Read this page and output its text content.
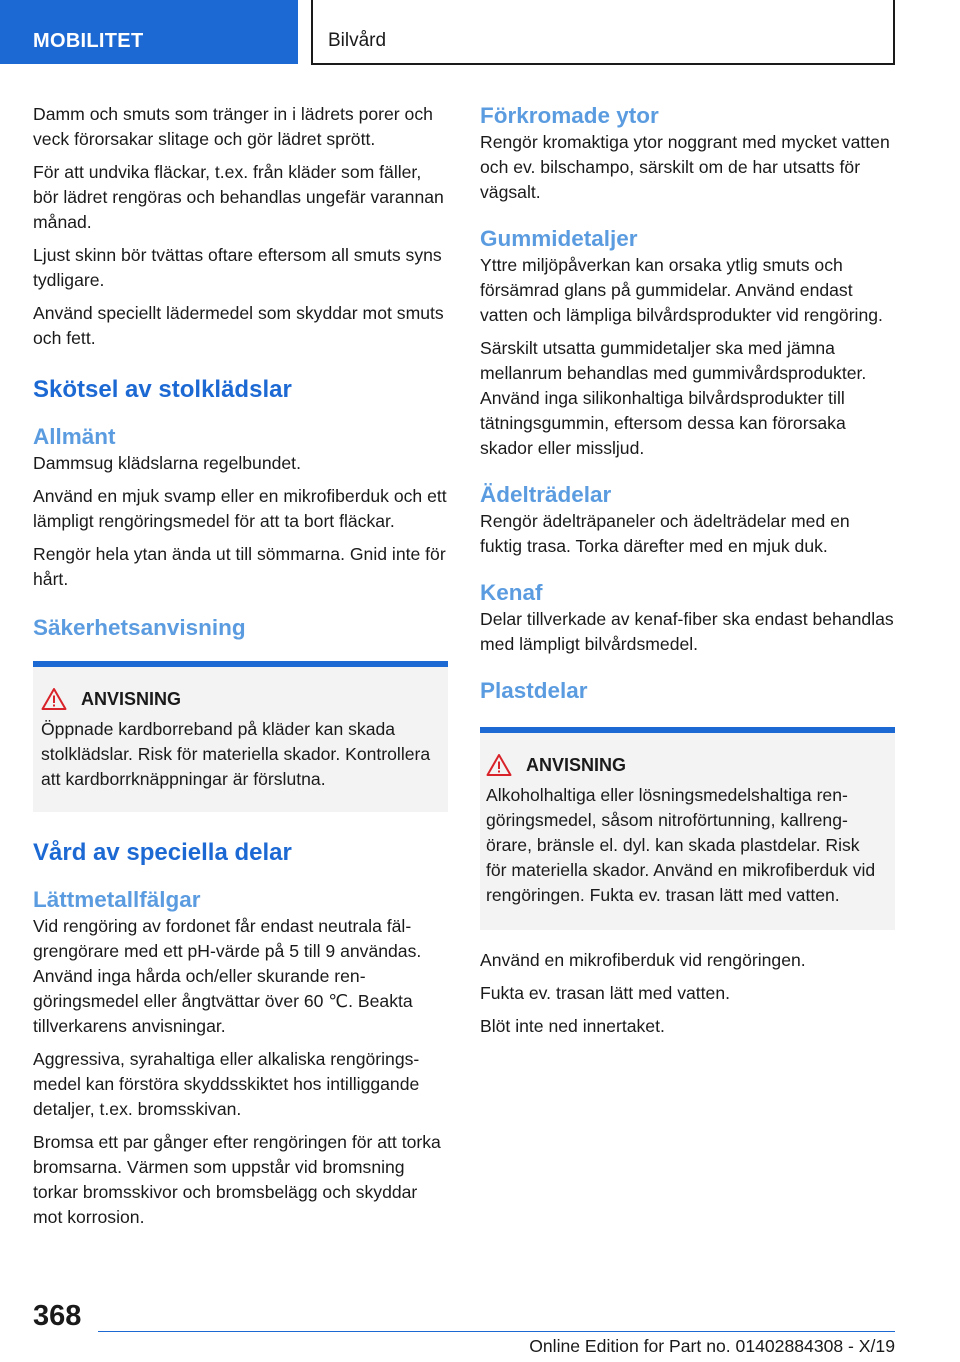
MOBILITET	Bilvård

Damm och smuts som tränger in i lädrets porer och veck förorsakar slitage och gör lädret sprött.

För att undvika fläckar, t.ex. från kläder som fäller, bör lädret rengöras och behandlas ungefär varannan månad.

Ljust skinn bör tvättas oftare eftersom all smuts syns tydligare.

Använd speciellt lädermedel som skyddar mot smuts och fett.

Skötsel av stolklädslar
Allmänt

Dammsug klädslarna regelbundet.

Använd en mjuk svamp eller en mikrofiberduk och ett lämpligt rengöringsmedel för att ta bort fläckar.

Rengör hela ytan ända ut till sömmarna. Gnid inte för hårt.

Säkerhetsanvisning
ANVISNING

Öppnade kardborreband på kläder kan skada stolklädslar. Risk för materiella skador. Kontrollera att kardborrknäppningar är förslutna.

Vård av speciella delar
Lättmetallfälgar

Vid rengöring av fordonet får endast neutrala fälgrengörare med ett pH-värde på 5 till 9 användas. Använd inga hårda och/eller skurande rengöringsmedel eller ångtvättar över 60 ℃. Beakta tillverkarens anvisningar.

Aggressiva, syrahaltiga eller alkaliska rengöringsmedel kan förstöra skyddsskiktet hos intilliggande detaljer, t.ex. bromsskivan.

Bromsa ett par gånger efter rengöringen för att torka bromsarna. Värmen som uppstår vid bromsning torkar bromsskivor och bromsbelägg och skyddar mot korrosion.

Förkromade ytor

Rengör kromaktiga ytor noggrant med mycket vatten och ev. bilschampo, särskilt om de har utsatts för vägsalt.

Gummidetaljer

Yttre miljöpåverkan kan orsaka ytlig smuts och försämrad glans på gummidelar. Använd endast vatten och lämpliga bilvårdsprodukter vid rengöring.

Särskilt utsatta gummidetaljer ska med jämna mellanrum behandlas med gummivårdsprodukter. Använd inga silikonhaltiga bilvårdsprodukter till tätningsgummin, eftersom dessa kan förorsaka skador eller missljud.

Ädelträdelar

Rengör ädelträpaneler och ädelträdelar med en fuktig trasa. Torka därefter med en mjuk duk.

Kenaf

Delar tillverkade av kenaf-fiber ska endast behandlas med lämpligt bilvårdsmedel.

Plastdelar
ANVISNING

Alkoholhaltiga eller lösningsmedelshaltiga rengöringsmedel, såsom nitroförtunning, kallrengörare, bränsle el. dyl. kan skada plastdelar. Risk för materiella skador. Använd en mikrofiberduk vid rengöringen. Fukta ev. trasan lätt med vatten.

Använd en mikrofiberduk vid rengöringen.

Fukta ev. trasan lätt med vatten.

Blöt inte ned innertaket.

368
Online Edition for Part no. 01402884308 - X/19
